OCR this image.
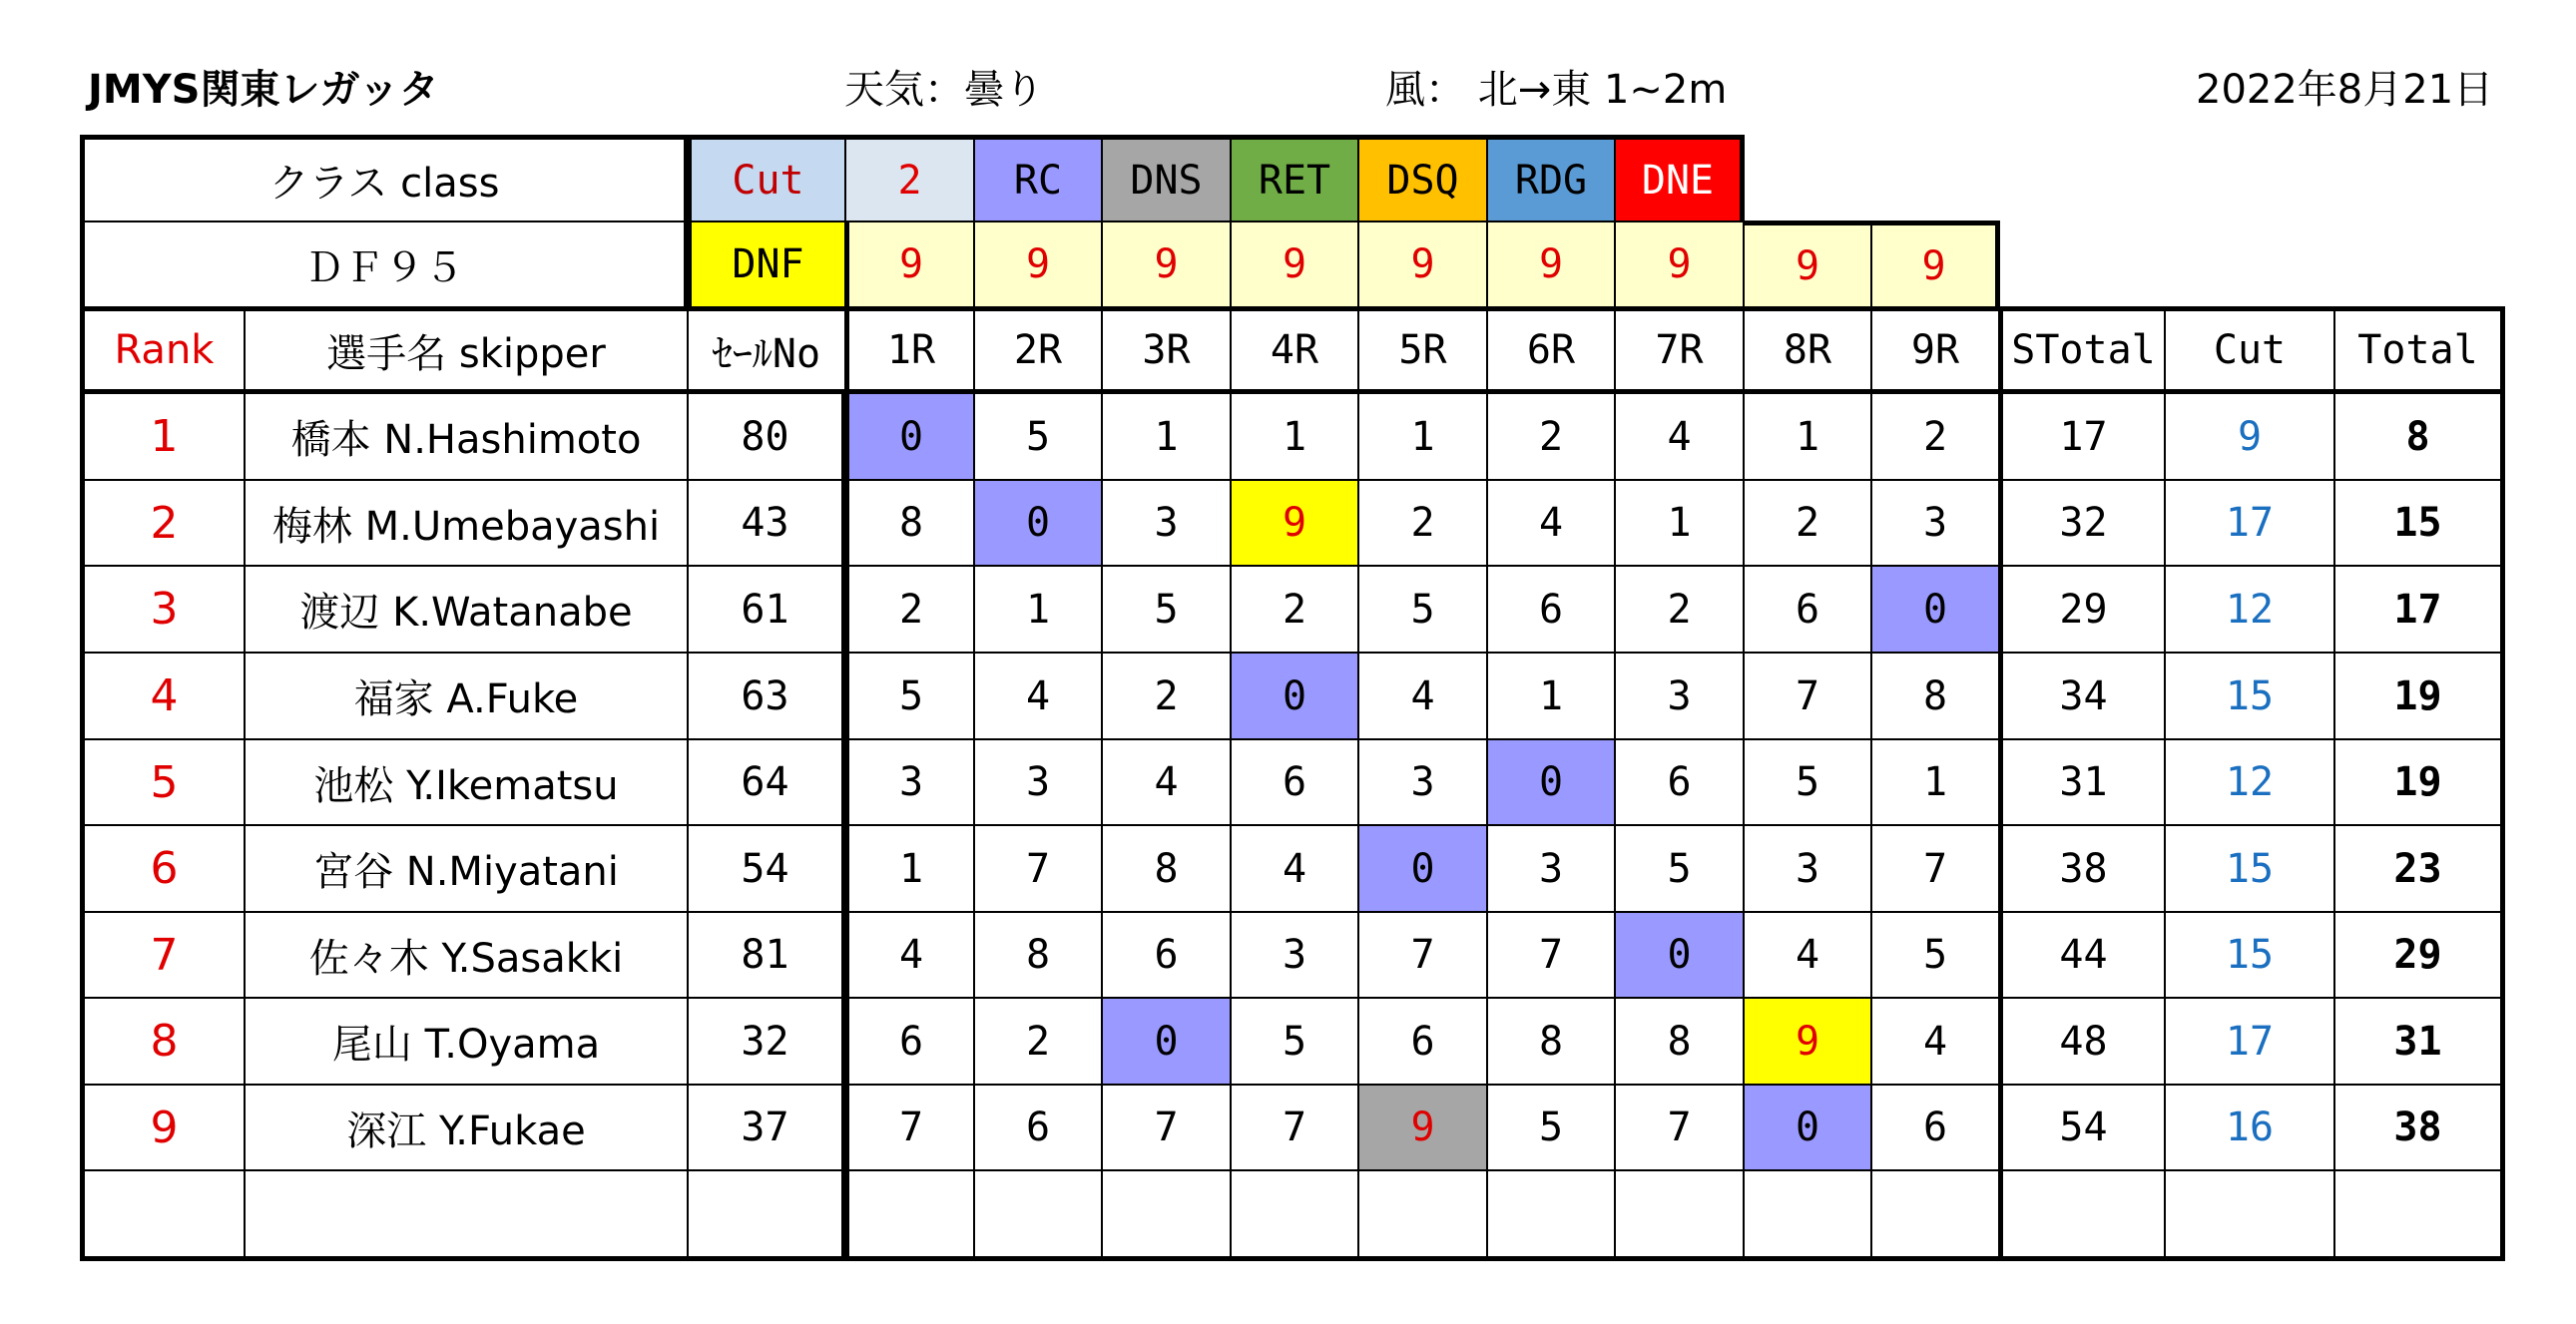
JMYS関東レガッタ	天気：曇り	風： 北→東 1~2m	2022年8月21日
クラス class	Cut	2	RC	DNS	RET	DSQ	RDG	DNE
ＤＦ９５	DNF	9	9	9	9	9	9	9	9	9
Rank	選手名 skipper	ｾｰﾙNo	1R	2R	3R	4R	5R	6R	7R	8R	9R	STotal	Cut	Total
1	橋本 N.Hashimoto	80	0	5	1	1	1	2	4	1	2	17	9	8
2	梅林 M.Umebayashi	43	8	0	3	9	2	4	1	2	3	32	17	15
3	渡辺 K.Watanabe	61	2	1	5	2	5	6	2	6	0	29	12	17
4	福家 A.Fuke	63	5	4	2	0	4	1	3	7	8	34	15	19
5	池松 Y.Ikematsu	64	3	3	4	6	3	0	6	5	1	31	12	19
6	宮谷 N.Miyatani	54	1	7	8	4	0	3	5	3	7	38	15	23
7	佐々木 Y.Sasakki	81	4	8	6	3	7	7	0	4	5	44	15	29
8	尾山 T.Oyama	32	6	2	0	5	6	8	8	9	4	48	17	31
9	深江 Y.Fukae	37	7	6	7	7	9	5	7	0	6	54	16	38
